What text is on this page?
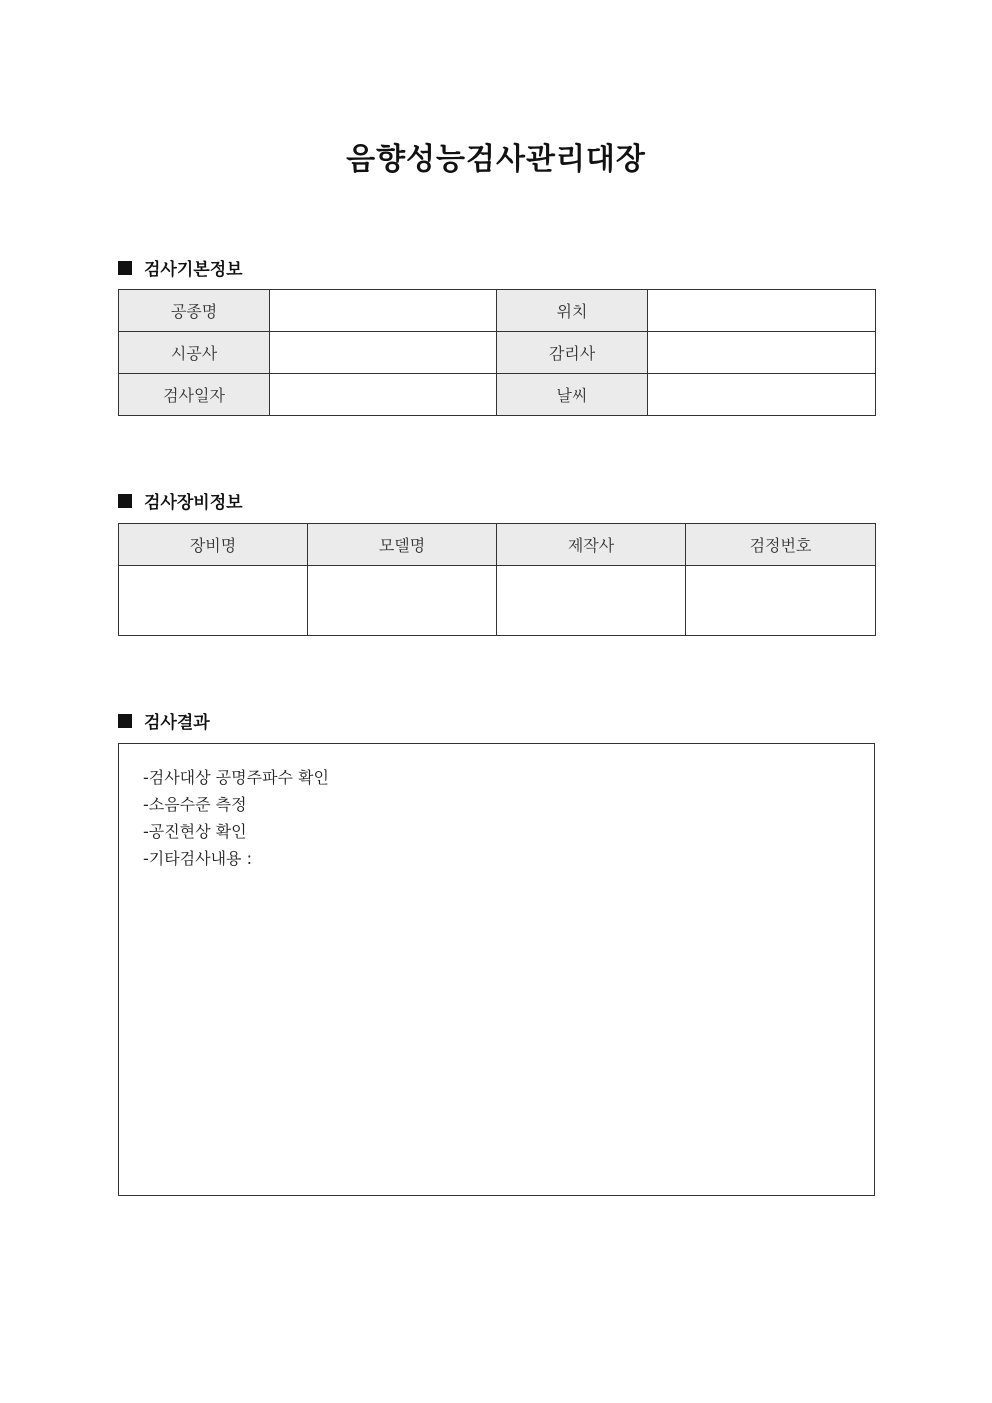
음향성능검사관리대장
검사기본정보
공종명		위치	
시공사		감리사	
검사일자		날씨	
검사장비정보
장비명	모델명	제작사	검정번호

검사결과
-검사대상 공명주파수 확인
-소음수준 측정
-공진현상 확인
-기타검사내용 :
